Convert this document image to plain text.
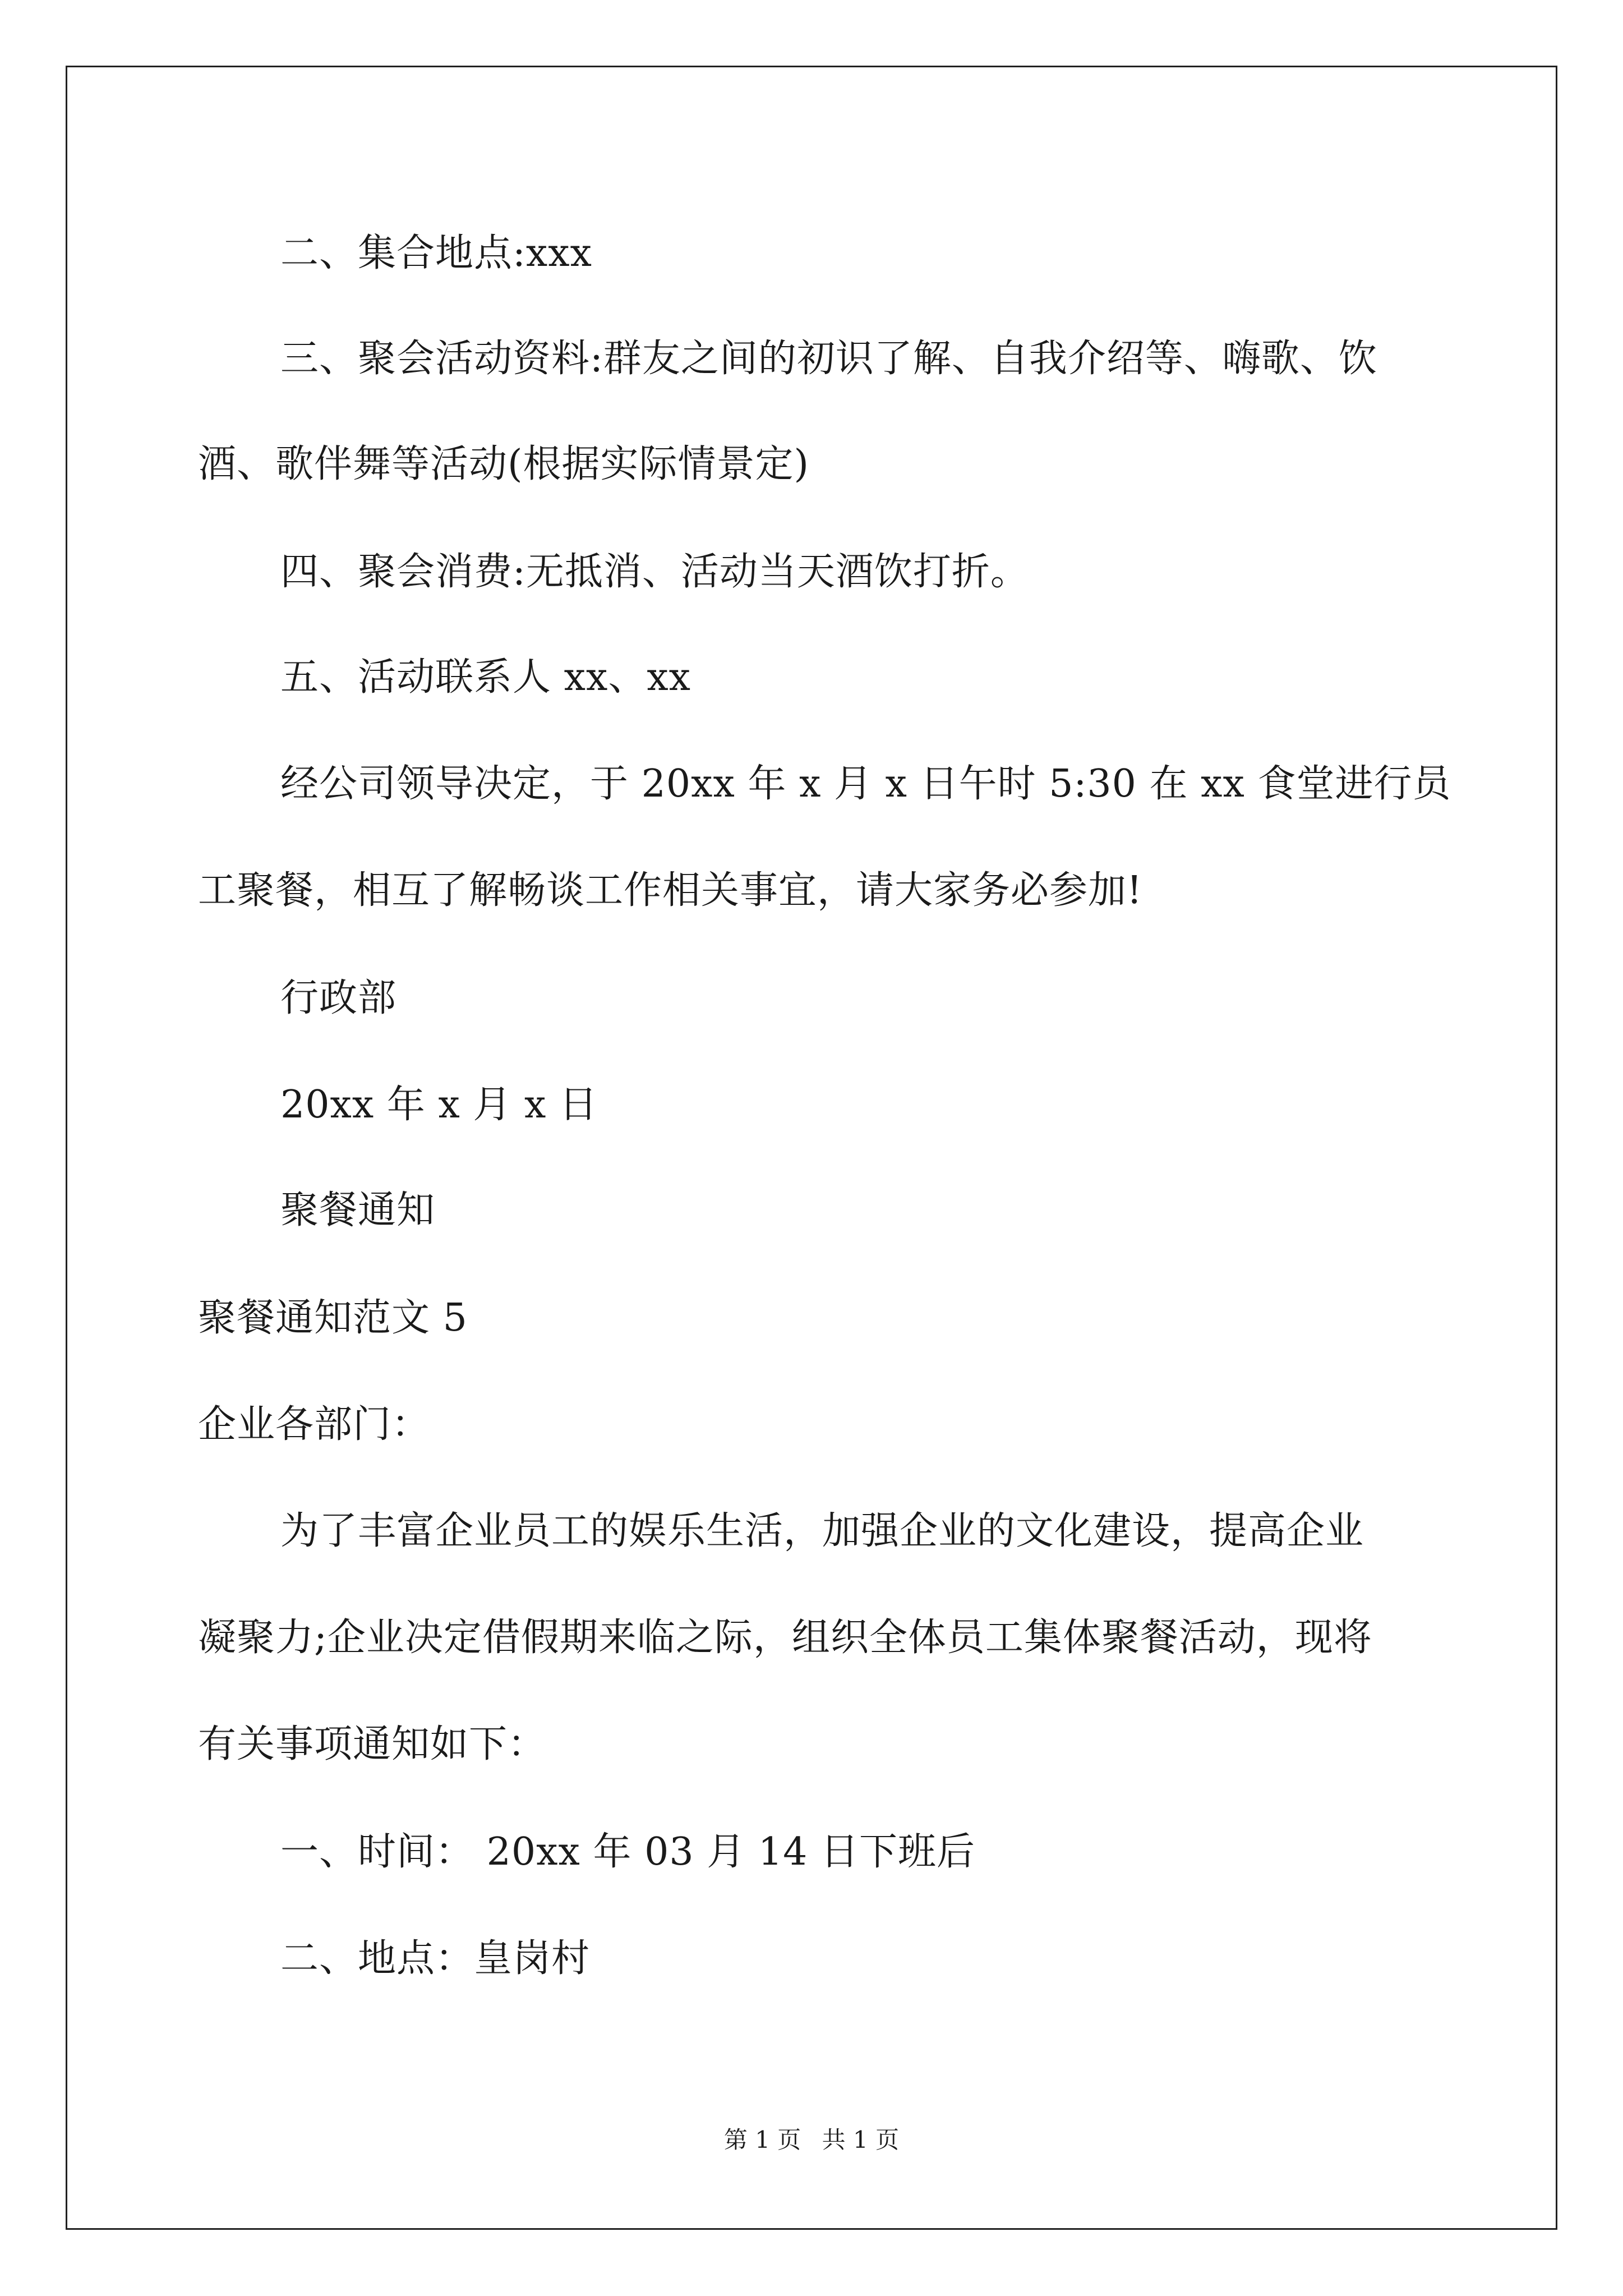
二、集合地点:xxx
三、聚会活动资料:群友之间的初识了解、自我介绍等、嗨歌、饮
酒、歌伴舞等活动(根据实际情景定)
四、聚会消费:无抵消、活动当天酒饮打折。
五、活动联系人 xx、xx
经公司领导决定，于 20xx 年 x 月 x 日午时 5:30 在 xx 食堂进行员
工聚餐，相互了解畅谈工作相关事宜，请大家务必参加!
行政部
20xx 年 x 月 x 日
聚餐通知
聚餐通知范文 5
企业各部门：
为了丰富企业员工的娱乐生活，加强企业的文化建设，提高企业
凝聚力;企业决定借假期来临之际，组织全体员工集体聚餐活动，现将
有关事项通知如下：
一、时间： 20xx 年 03 月 14 日下班后
二、地点：皇岗村
第 1 页 共 1 页
